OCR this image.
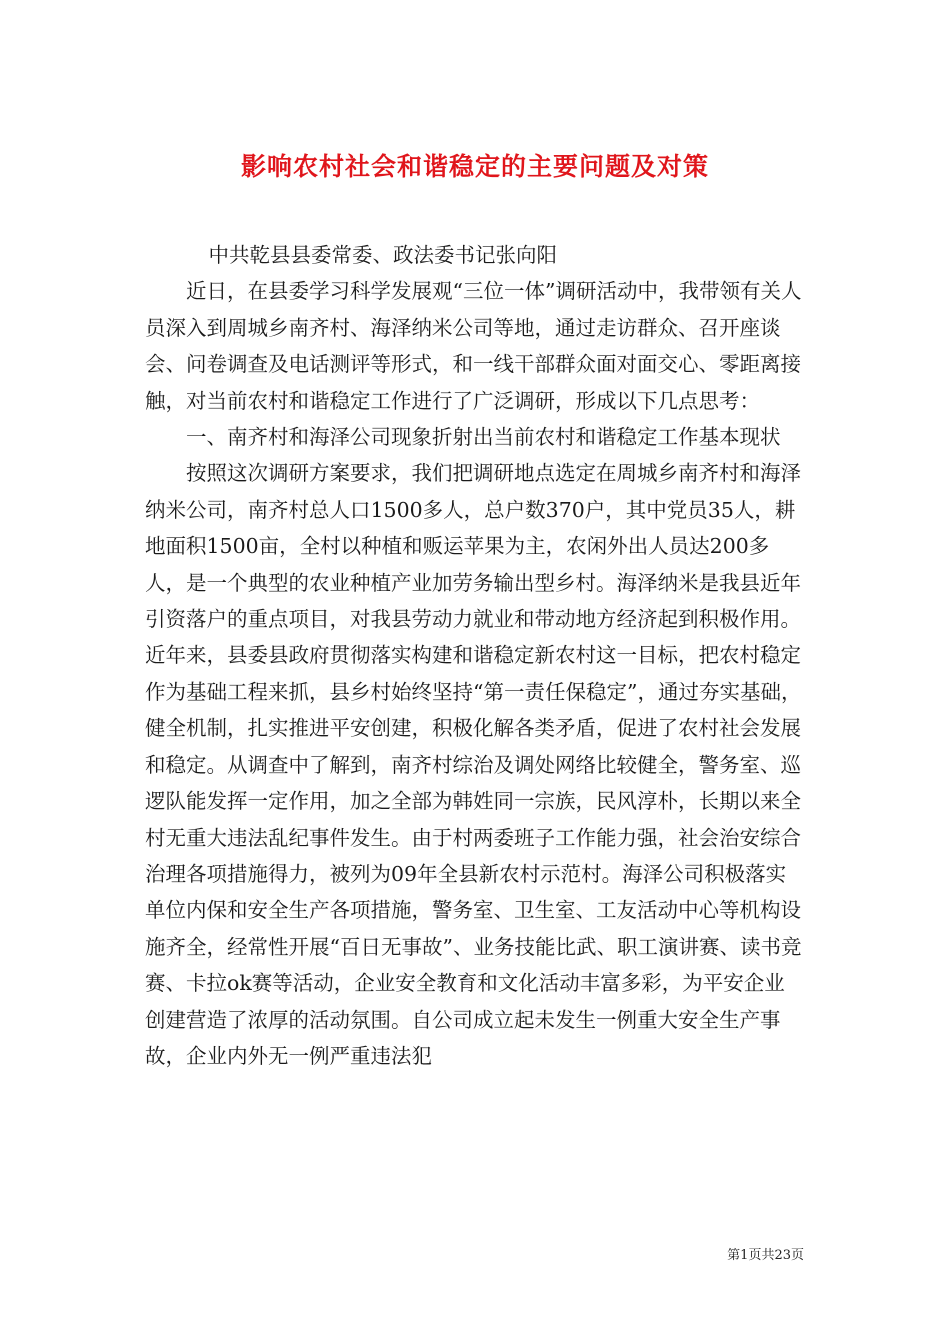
影响农村社会和谐稳定的主要问题及对策

中共乾县县委常委、政法委书记张向阳

近日，在县委学习科学发展观“三位一体”调研活动中，我带领有关人员深入到周城乡南齐村、海泽纳米公司等地，通过走访群众、召开座谈会、问卷调查及电话测评等形式，和一线干部群众面对面交心、零距离接触，对当前农村和谐稳定工作进行了广泛调研，形成以下几点思考：

一、南齐村和海泽公司现象折射出当前农村和谐稳定工作基本现状

按照这次调研方案要求，我们把调研地点选定在周城乡南齐村和海泽纳米公司，南齐村总人口1500多人，总户数370户，其中党员35人，耕地面积1500亩，全村以种植和贩运苹果为主，农闲外出人员达200多人，是一个典型的农业种植产业加劳务输出型乡村。海泽纳米是我县近年引资落户的重点项目，对我县劳动力就业和带动地方经济起到积极作用。近年来，县委县政府贯彻落实构建和谐稳定新农村这一目标，把农村稳定作为基础工程来抓，县乡村始终坚持“第一责任保稳定”，通过夯实基础，健全机制，扎实推进平安创建，积极化解各类矛盾，促进了农村社会发展和稳定。从调查中了解到，南齐村综治及调处网络比较健全，警务室、巡逻队能发挥一定作用，加之全部为韩姓同一宗族，民风淳朴，长期以来全村无重大违法乱纪事件发生。由于村两委班子工作能力强，社会治安综合治理各项措施得力，被列为09年全县新农村示范村。海泽公司积极落实单位内保和安全生产各项措施，警务室、卫生室、工友活动中心等机构设施齐全，经常性开展“百日无事故”、业务技能比武、职工演讲赛、读书竞赛、卡拉ok赛等活动，企业安全教育和文化活动丰富多彩，为平安企业创建营造了浓厚的活动氛围。自公司成立起未发生一例重大安全生产事故，企业内外无一例严重违法犯

第1页共23页
